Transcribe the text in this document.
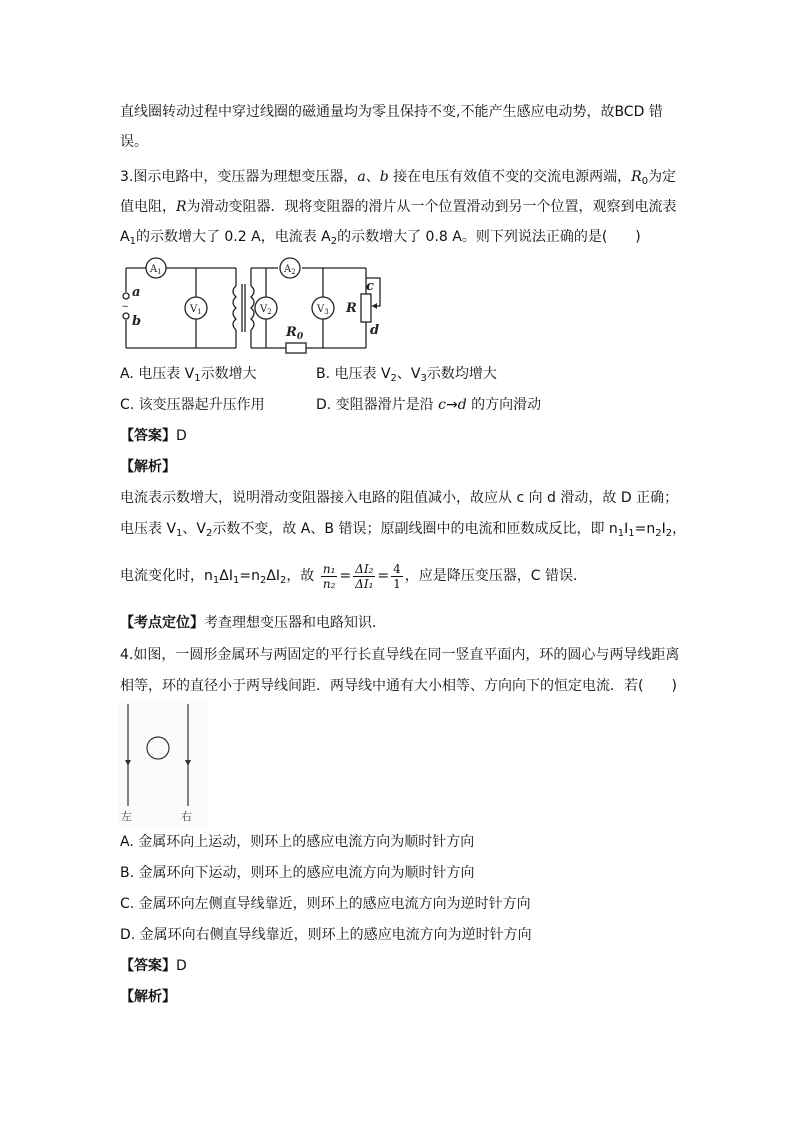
直线圈转动过程中穿过线圈的磁通量均为零且保持不变,不能产生感应电动势，故BCD 错
误。
3.图示电路中，变压器为理想变压器，a、b 接在电压有效值不变的交流电源两端，$R_0$为定
值电阻，R为滑动变阻器．现将变阻器的滑片从一个位置滑动到另一个位置，观察到电流表
$A_1$的示数增大了 0.2 A，电流表 $A_2$的示数增大了 0.8 A。则下列说法正确的是(　　)
~
$A_1$	$A_2$
$V_1$	$V_2$	$V_3$
a
b
c
d
R
$R_0$
A. 电压表 $V_1$示数增大	B. 电压表 $V_2$、$V_3$示数均增大
C. 该变压器起升压作用	D. 变阻器滑片是沿 c→d 的方向滑动
【答案】D
【解析】
电流表示数增大，说明滑动变阻器接入电路的阻值减小，故应从 c 向 d 滑动，故 D 正确；
电压表 $V_1$、$V_2$示数不变，故 A、B 错误；原副线圈中的电流和匝数成反比，即 $n_1I_1=n_2I_2$，
电流变化时，$n_1\Delta I_1=n_2\Delta I_2$，故 $\frac{\text{n₁}}{\text{n₂}} = \frac{\text{ΔI₂}}{\text{ΔI₁}} = \frac{4}{1}$ ，应是降压变压器，C 错误．
【考点定位】考查理想变压器和电路知识．
4.如图，一圆形金属环与两固定的平行长直导线在同一竖直平面内，环的圆心与两导线距离
相等，环的直径小于两导线间距．两导线中通有大小相等、方向向下的恒定电流．若(　　)
左	右
A. 金属环向上运动，则环上的感应电流方向为顺时针方向
B. 金属环向下运动，则环上的感应电流方向为顺时针方向
C. 金属环向左侧直导线靠近，则环上的感应电流方向为逆时针方向
D. 金属环向右侧直导线靠近，则环上的感应电流方向为逆时针方向
【答案】D
【解析】
